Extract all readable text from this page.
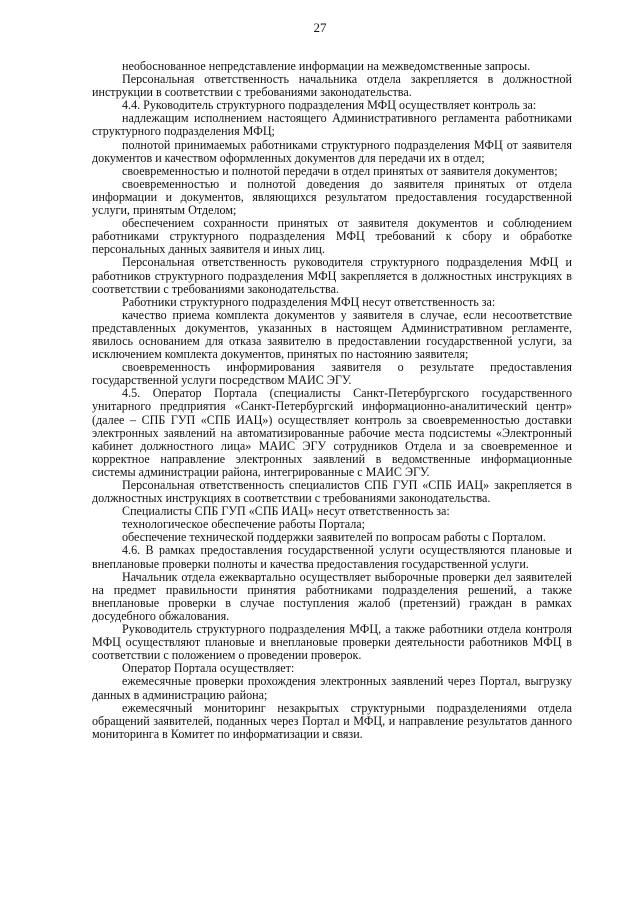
27

необоснованное непредставление информации на межведомственные запросы.

Персональная ответственность начальника отдела закрепляется в должностной инструкции в соответствии с требованиями законодательства.

4.4. Руководитель структурного подразделения МФЦ осуществляет контроль за:

надлежащим исполнением настоящего Административного регламента работниками структурного подразделения МФЦ;

полнотой принимаемых работниками структурного подразделения МФЦ от заявителя документов и качеством оформленных документов для передачи их в отдел;

своевременностью и полнотой передачи в отдел принятых от заявителя документов;

своевременностью и полнотой доведения до заявителя принятых от отдела информации и документов, являющихся результатом предоставления государственной услуги, принятым Отделом;

обеспечением сохранности принятых от заявителя документов и соблюдением работниками структурного подразделения МФЦ требований к сбору и обработке персональных данных заявителя и иных лиц.

Персональная ответственность руководителя структурного подразделения МФЦ и работников структурного подразделения МФЦ закрепляется в должностных инструкциях в соответствии с требованиями законодательства.

Работники структурного подразделения МФЦ несут ответственность за:

качество приема комплекта документов у заявителя в случае, если несоответствие представленных документов, указанных в настоящем Административном регламенте, явилось основанием для отказа заявителю в предоставлении государственной услуги, за исключением комплекта документов, принятых по настоянию заявителя;

своевременность информирования заявителя о результате предоставления государственной услуги посредством МАИС ЭГУ.

4.5. Оператор Портала (специалисты Санкт-Петербургского государственного унитарного предприятия «Санкт-Петербургский информационно-аналитический центр» (далее – СПБ ГУП «СПБ ИАЦ») осуществляет контроль за своевременностью доставки электронных заявлений на автоматизированные рабочие места подсистемы «Электронный кабинет должностного лица» МАИС ЭГУ сотрудников Отдела и за своевременное и корректное направление электронных заявлений в ведомственные информационные системы администрации района, интегрированные с МАИС ЭГУ.

Персональная ответственность специалистов СПБ ГУП «СПБ ИАЦ» закрепляется в должностных инструкциях в соответствии с требованиями законодательства.

Специалисты СПБ ГУП «СПБ ИАЦ» несут ответственность за:

технологическое обеспечение работы Портала;

обеспечение технической поддержки заявителей по вопросам работы с Порталом.

4.6. В рамках предоставления государственной услуги осуществляются плановые и внеплановые проверки полноты и качества предоставления государственной услуги.

Начальник отдела ежеквартально осуществляет выборочные проверки дел заявителей на предмет правильности принятия работниками подразделения решений, а также внеплановые проверки в случае поступления жалоб (претензий) граждан в рамках досудебного обжалования.

Руководитель структурного подразделения МФЦ, а также работники отдела контроля МФЦ осуществляют плановые и внеплановые проверки деятельности работников МФЦ в соответствии с положением о проведении проверок.

Оператор Портала осуществляет:

ежемесячные проверки прохождения электронных заявлений через Портал, выгрузку данных в администрацию района;

ежемесячный мониторинг незакрытых структурными подразделениями отдела обращений заявителей, поданных через Портал и МФЦ, и направление результатов данного мониторинга в Комитет по информатизации и связи.
